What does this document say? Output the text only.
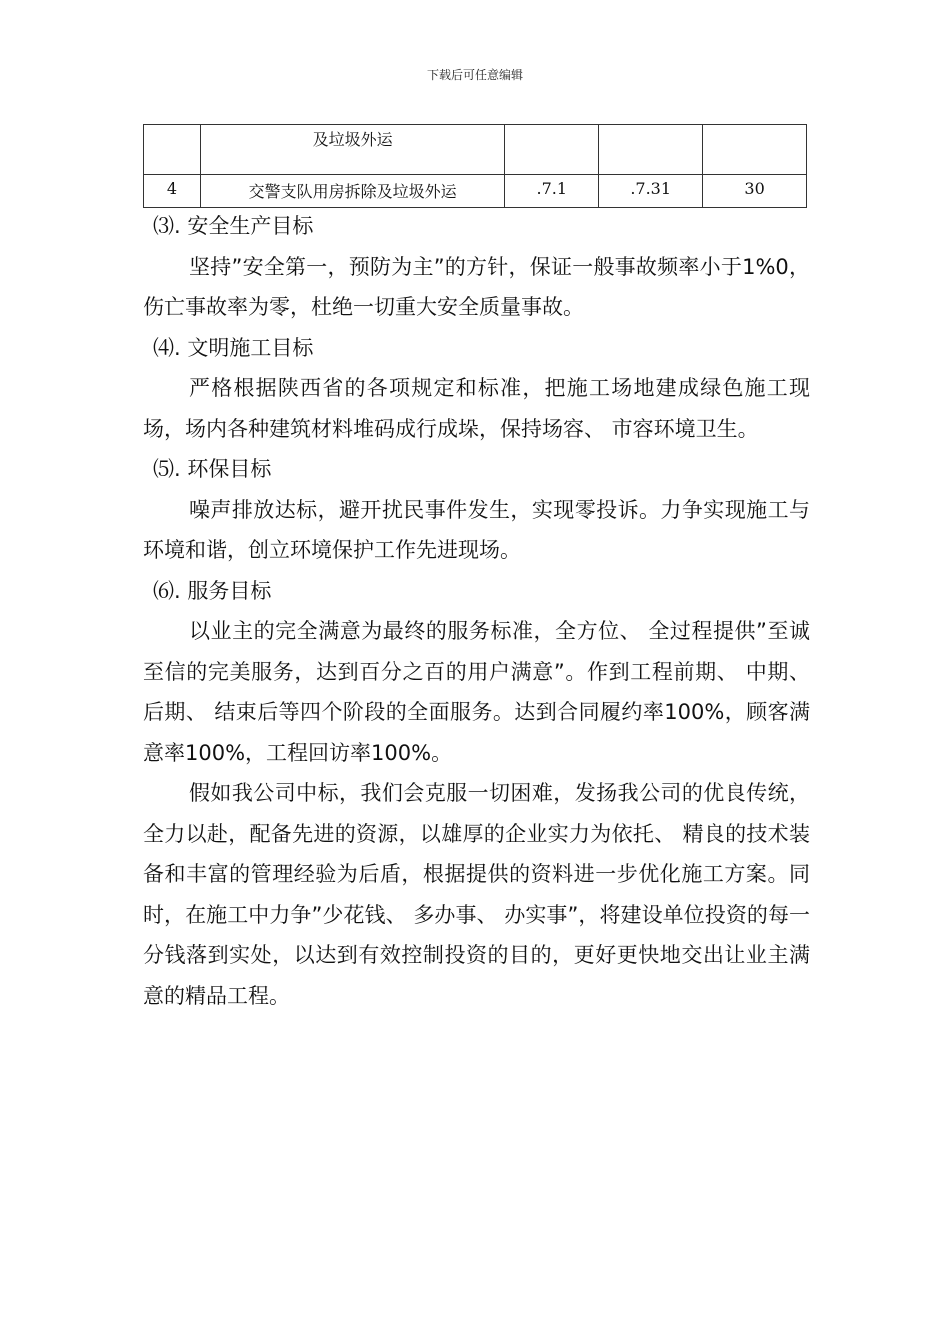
下载后可任意编辑
	及垃圾外运			
4	交警支队用房拆除及垃圾外运	.7.1	.7.31	30

⑶. 安全生产目标

坚持”安全第一，预防为主”的方针，保证一般事故频率小于1%0，伤亡事故率为零，杜绝一切重大安全质量事故。

⑷. 文明施工目标

严格根据陕西省的各项规定和标准，把施工场地建成绿色施工现场，场内各种建筑材料堆码成行成垛，保持场容、 市容环境卫生。

⑸. 环保目标

噪声排放达标，避开扰民事件发生，实现零投诉。力争实现施工与环境和谐，创立环境保护工作先进现场。

⑹. 服务目标

以业主的完全满意为最终的服务标准，全方位、 全过程提供”至诚至信的完美服务，达到百分之百的用户满意”。作到工程前期、 中期、 后期、 结束后等四个阶段的全面服务。达到合同履约率100%，顾客满意率100%，工程回访率100%。

假如我公司中标，我们会克服一切困难，发扬我公司的优良传统，全力以赴，配备先进的资源，以雄厚的企业实力为依托、 精良的技术装备和丰富的管理经验为后盾，根据提供的资料进一步优化施工方案。同时，在施工中力争”少花钱、 多办事、 办实事”，将建设单位投资的每一分钱落到实处，以达到有效控制投资的目的，更好更快地交出让业主满意的精品工程。
